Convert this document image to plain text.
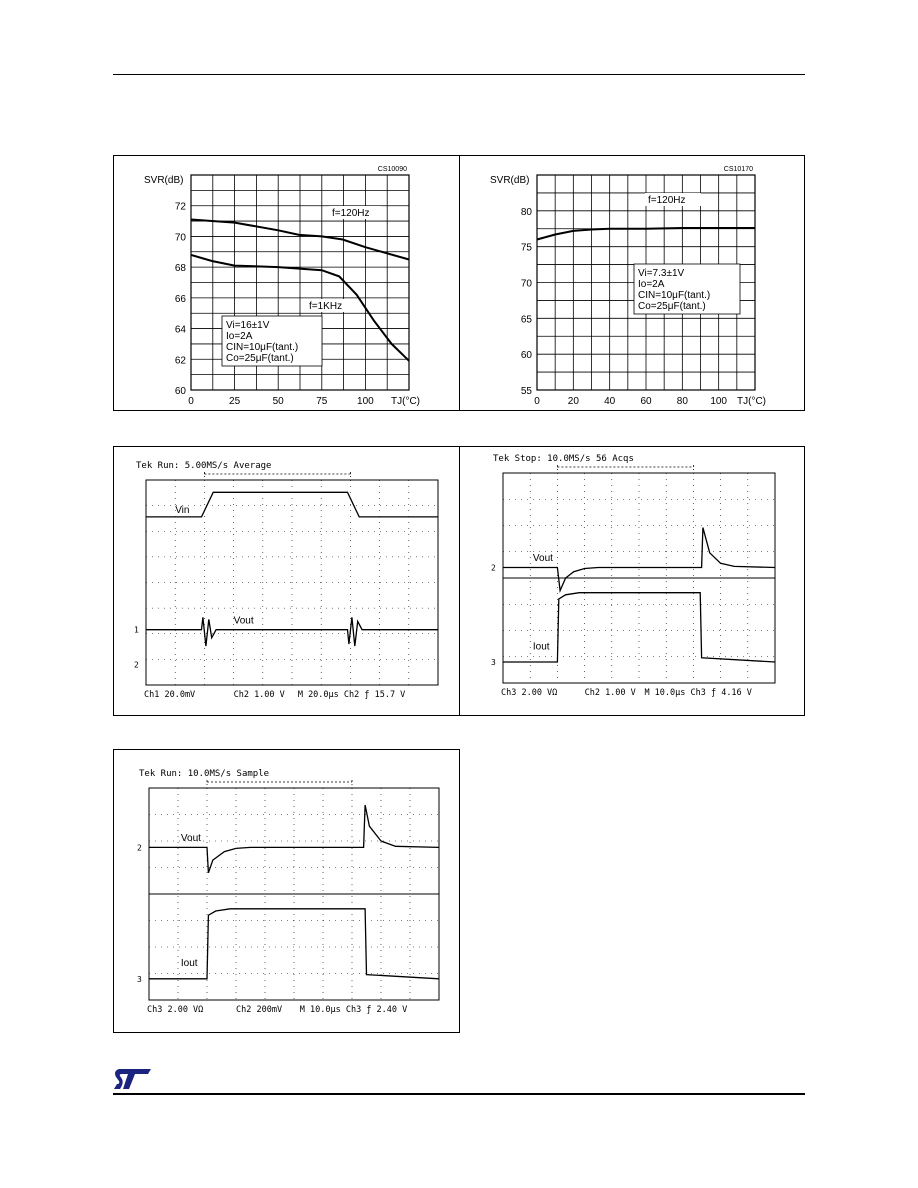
0	25	50	75	100
60
62
64
66
68
70
72
SVR(dB)
TJ(°C)
CS10090
f=120Hz
f=1KHz
Vi=16±1V
Io=2A
CIN=10μF(tant.)
Co=25μF(tant.)
0	20	40	60	80 100
55
60
65
70
75
80
SVR(dB)
TJ(°C)
CS10170
f=120Hz
Vi=7.3±1V
Io=2A
CIN=10μF(tant.)
Co=25μF(tant.)
Tek Run: 5.00MS/s Average
Vin
Vout
1
2
Ch1 20.0mV	Ch2 1.00 V M 20.0μs Ch2 ƒ 15.7 V
Tek Stop: 10.0MS/s 56 Acqs
Vout
Iout
2
3
Ch3 2.00 VΩ	Ch2 1.00 V M 10.0μs Ch3 ƒ 4.16 V
Tek Run: 10.0MS/s Sample
Vout
Iout
2
3
Ch3 2.00 VΩ	Ch2 200mV M 10.0μs Ch3 ƒ 2.40 V
ST
